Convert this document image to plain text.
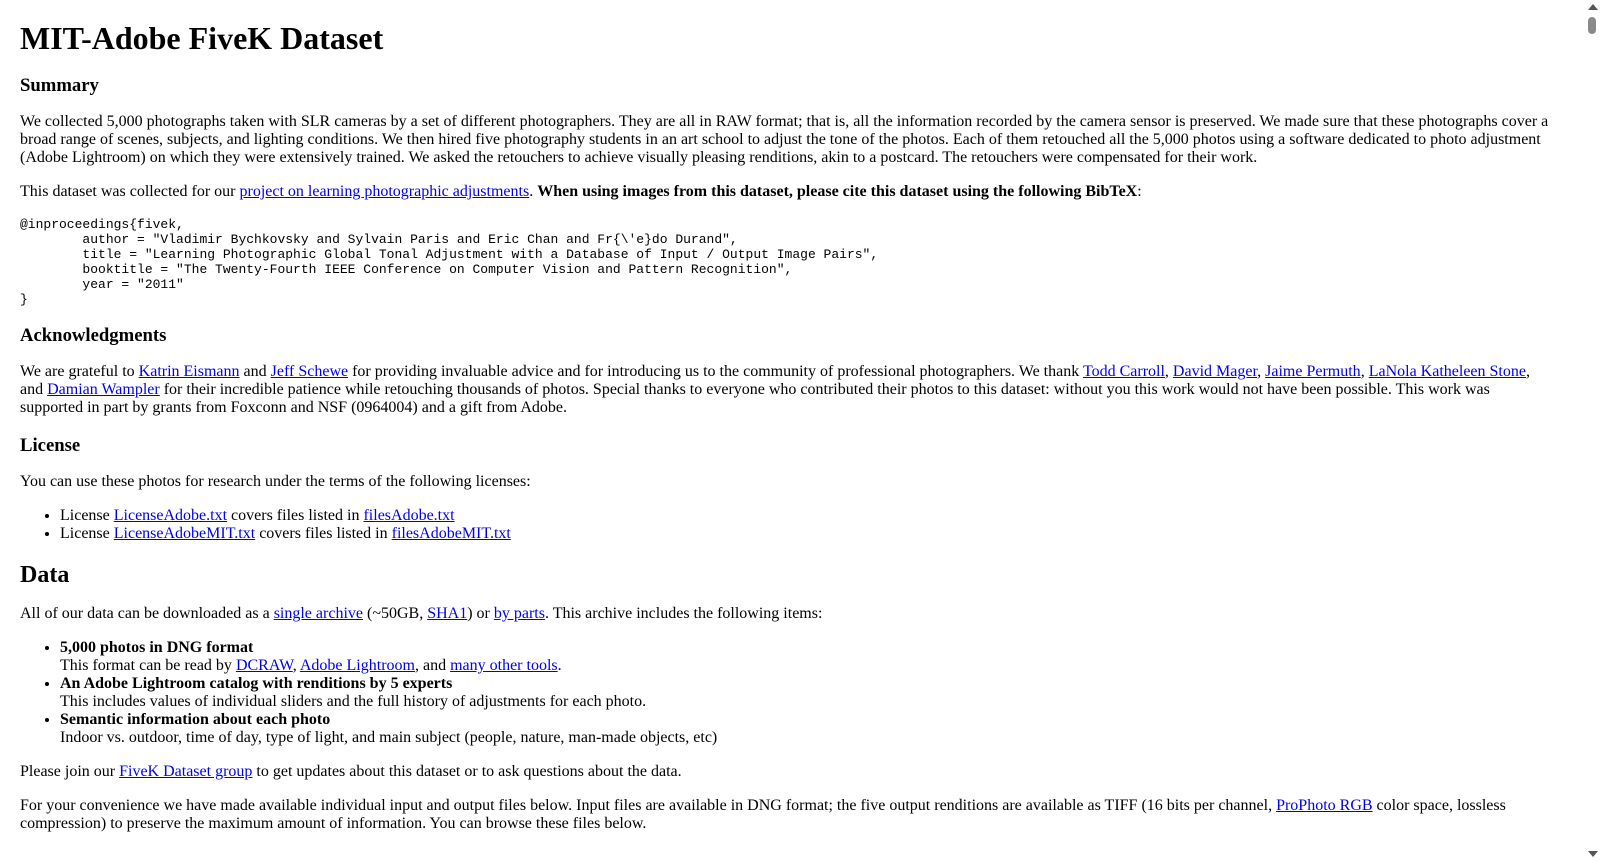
MIT-Adobe FiveK Dataset
Summary

We collected 5,000 photographs taken with SLR cameras by a set of different photographers. They are all in RAW format; that is, all the information recorded by the camera sensor is preserved. We made sure that these photographs cover a broad range of scenes, subjects, and lighting conditions. We then hired five photography students in an art school to adjust the tone of the photos. Each of them retouched all the 5,000 photos using a software dedicated to photo adjustment (Adobe Lightroom) on which they were extensively trained. We asked the retouchers to achieve visually pleasing renditions, akin to a postcard. The retouchers were compensated for their work.

This dataset was collected for our project on learning photographic adjustments. When using images from this dataset, please cite this dataset using the following BibTeX:

@inproceedings{fivek,
	author = "Vladimir Bychkovsky and Sylvain Paris and Eric Chan and Fr{\'e}do Durand",
	title = "Learning Photographic Global Tonal Adjustment with a Database of Input / Output Image Pairs",
	booktitle = "The Twenty-Fourth IEEE Conference on Computer Vision and Pattern Recognition",
	year = "2011"
}
Acknowledgments

We are grateful to Katrin Eismann and Jeff Schewe for providing invaluable advice and for introducing us to the community of professional photographers. We thank Todd Carroll, David Mager, Jaime Permuth, LaNola Katheleen Stone, and Damian Wampler for their incredible patience while retouching thousands of photos. Special thanks to everyone who contributed their photos to this dataset: without you this work would not have been possible. This work was supported in part by grants from Foxconn and NSF (0964004) and a gift from Adobe.

License

You can use these photos for research under the terms of the following licenses:

• License LicenseAdobe.txt covers files listed in filesAdobe.txt
• License LicenseAdobeMIT.txt covers files listed in filesAdobeMIT.txt
Data

All of our data can be downloaded as a single archive (~50GB, SHA1) or by parts. This archive includes the following items:

• 5,000 photos in DNG format
This format can be read by DCRAW, Adobe Lightroom, and many other tools.
• An Adobe Lightroom catalog with renditions by 5 experts
This includes values of individual sliders and the full history of adjustments for each photo.
• Semantic information about each photo
Indoor vs. outdoor, time of day, type of light, and main subject (people, nature, man-made objects, etc)

Please join our FiveK Dataset group to get updates about this dataset or to ask questions about the data.

For your convenience we have made available individual input and output files below. Input files are available in DNG format; the five output renditions are available as TIFF (16 bits per channel, ProPhoto RGB color space, lossless compression) to preserve the maximum amount of information. You can browse these files below.
